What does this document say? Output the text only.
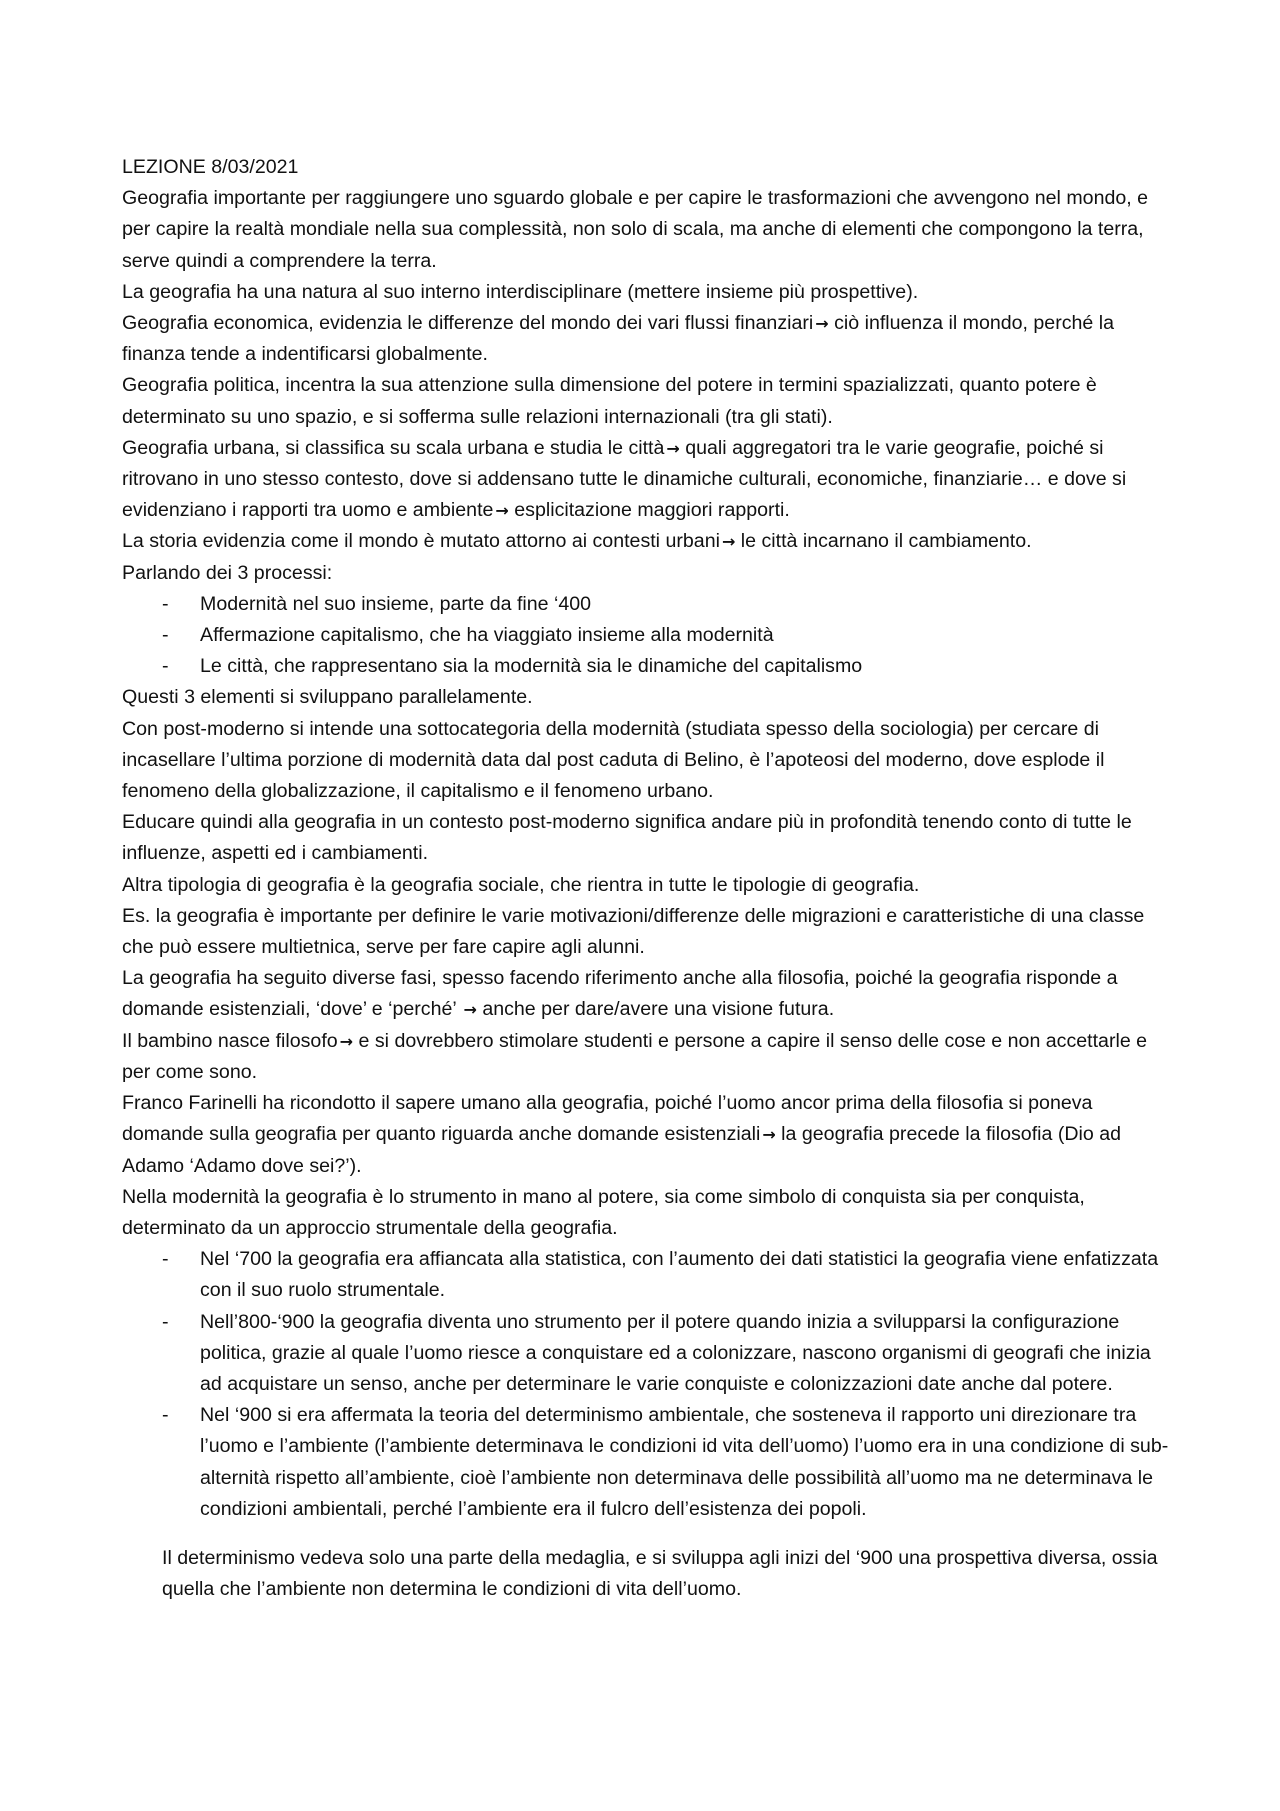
LEZIONE 8/03/2021

Geografia importante per raggiungere uno sguardo globale e per capire le trasformazioni che avvengono nel mondo, e per capire la realtà mondiale nella sua complessità, non solo di scala, ma anche di elementi che compongono la terra, serve quindi a comprendere la terra.

La geografia ha una natura al suo interno interdisciplinare (mettere insieme più prospettive).

Geografia economica, evidenzia le differenze del mondo dei vari flussi finanziari → ciò influenza il mondo, perché la finanza tende a indentificarsi globalmente.

Geografia politica, incentra la sua attenzione sulla dimensione del potere in termini spazializzati, quanto potere è determinato su uno spazio, e si sofferma sulle relazioni internazionali (tra gli stati).

Geografia urbana, si classifica su scala urbana e studia le città → quali aggregatori tra le varie geografie, poiché si ritrovano in uno stesso contesto, dove si addensano tutte le dinamiche culturali, economiche, finanziarie… e dove si evidenziano i rapporti tra uomo e ambiente → esplicitazione maggiori rapporti.

La storia evidenzia come il mondo è mutato attorno ai contesti urbani → le città incarnano il cambiamento.

Parlando dei 3 processi:

- Modernità nel suo insieme, parte da fine ‘400

- Affermazione capitalismo, che ha viaggiato insieme alla modernità

- Le città, che rappresentano sia la modernità sia le dinamiche del capitalismo

Questi 3 elementi si sviluppano parallelamente.

Con post-moderno si intende una sottocategoria della modernità (studiata spesso della sociologia) per cercare di incasellare l’ultima porzione di modernità data dal post caduta di Belino, è l’apoteosi del moderno, dove esplode il fenomeno della globalizzazione, il capitalismo e il fenomeno urbano.

Educare quindi alla geografia in un contesto post-moderno significa andare più in profondità tenendo conto di tutte le influenze, aspetti ed i cambiamenti.

Altra tipologia di geografia è la geografia sociale, che rientra in tutte le tipologie di geografia.

Es. la geografia è importante per definire le varie motivazioni/differenze delle migrazioni e caratteristiche di una classe che può essere multietnica, serve per fare capire agli alunni.

La geografia ha seguito diverse fasi, spesso facendo riferimento anche alla filosofia, poiché la geografia risponde a domande esistenziali, ‘dove’ e ‘perché’ → anche per dare/avere una visione futura.

Il bambino nasce filosofo → e si dovrebbero stimolare studenti e persone a capire il senso delle cose e non accettarle e per come sono.

Franco Farinelli ha ricondotto il sapere umano alla geografia, poiché l’uomo ancor prima della filosofia si poneva domande sulla geografia per quanto riguarda anche domande esistenziali → la geografia precede la filosofia (Dio ad Adamo ‘Adamo dove sei?’).

Nella modernità la geografia è lo strumento in mano al potere, sia come simbolo di conquista sia per conquista, determinato da un approccio strumentale della geografia.

- Nel ‘700 la geografia era affiancata alla statistica, con l’aumento dei dati statistici la geografia viene enfatizzata con il suo ruolo strumentale.

- Nell’800-‘900 la geografia diventa uno strumento per il potere quando inizia a svilupparsi la configurazione politica, grazie al quale l’uomo riesce a conquistare ed a colonizzare, nascono organismi di geografi che inizia ad acquistare un senso, anche per determinare le varie conquiste e colonizzazioni date anche dal potere.

- Nel ‘900 si era affermata la teoria del determinismo ambientale, che sosteneva il rapporto uni direzionare tra l’uomo e l’ambiente (l’ambiente determinava le condizioni id vita dell’uomo) l’uomo era in una condizione di sub-alternità rispetto all’ambiente, cioè l’ambiente non determinava delle possibilità all’uomo ma ne determinava le condizioni ambientali, perché l’ambiente era il fulcro dell’esistenza dei popoli.

Il determinismo vedeva solo una parte della medaglia, e si sviluppa agli inizi del ‘900 una prospettiva diversa, ossia quella che l’ambiente non determina le condizioni di vita dell’uomo.
